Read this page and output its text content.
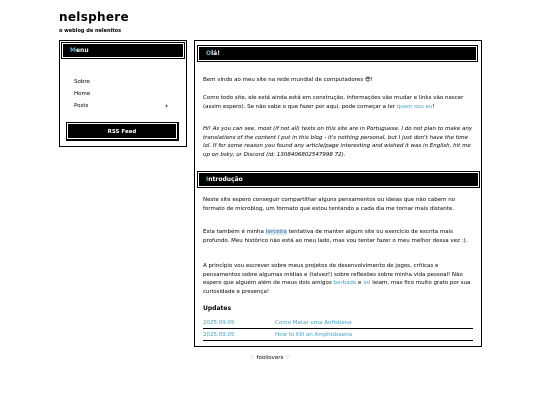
nelsphere
o weblog de nelenitos
Menu
Sobre
Home
Posts	›
RSS Feed
Olá!

Bem vindo ao meu site na rede mundial de computadores 😎!

Como todo site, ele está ainda está em construção, informações vão mudar e links vão nascer (assim espero). Se não sabe o que fazer por aqui, pode começar a ler quem sou eu!

Hi! As you can see, most (if not all) texts on this site are in Portuguese. I do not plan to make any translations of the content I put in this blog - it's nothing personal, but I just don't have the time lol. If for some reason you found any article/page interesting and wished it was in English, hit me up on bsky, or Discord (id: 1308406802547998 72).

Introdução

Neste site espero conseguir compartilhar alguns pensamentos ou ideias que não cabem no formato de microblog, um formato que estou tentando a cada dia me tornar mais distante.

Esta também é minha terceira tentativa de manter algum site ou exercício de escrita mais profundo. Meu histórico não está ao meu lado, mas vou tentar fazer o meu melhor dessa vez :).

A princípio vou escrever sobre meus projetos de desenvolvimento de jogos, críticas e pensamentos sobre algumas mídias e (talvez!) sobre reflexões sobre minha vida pessoal! Não espero que alguém além de meus dois amigos berbado e ssl leiam, mas fico muito grato por sua curiosidade e presença!

Updates
2025.09.05	Como Matar uma Anfisbena
2025.09.05	How to Kill an Amphisbaena
♡ fooliovers ♡
